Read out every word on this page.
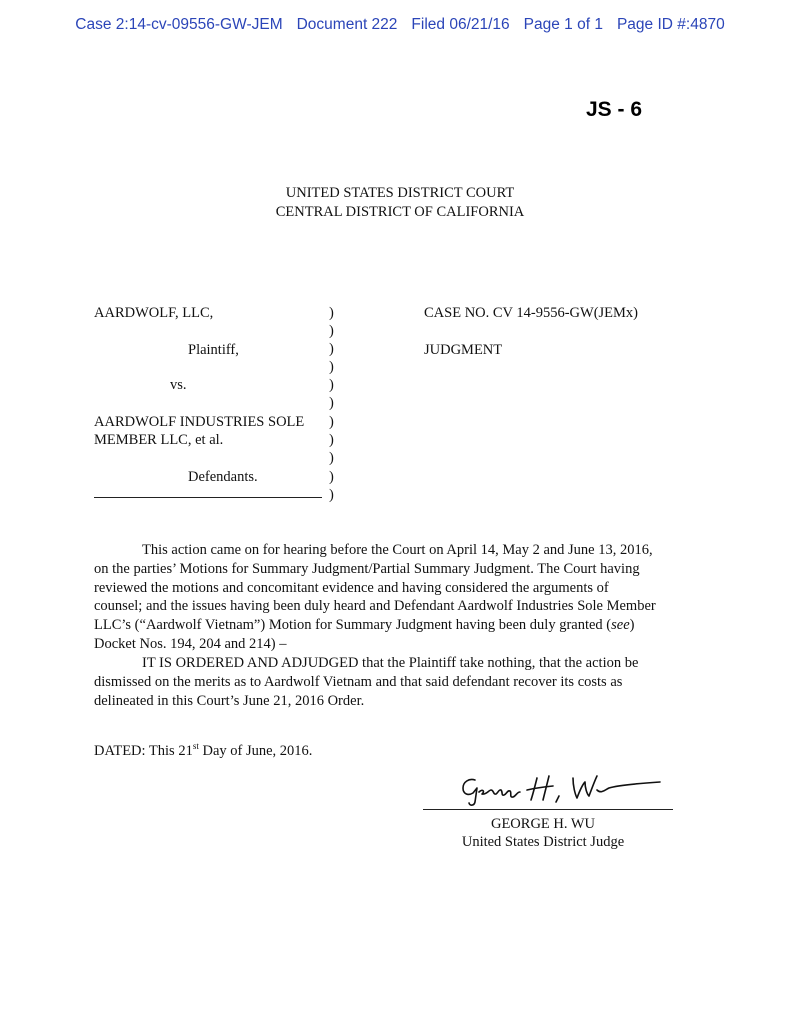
Case 2:14-cv-09556-GW-JEM Document 222 Filed 06/21/16 Page 1 of 1 Page ID #:4870
JS - 6
UNITED STATES DISTRICT COURT
CENTRAL DISTRICT OF CALIFORNIA
AARDWOLF, LLC,
Plaintiff,
vs.
AARDWOLF INDUSTRIES SOLE
MEMBER LLC, et al.
Defendants.
)
)
)
)
)
)
)
)
)
)
)
CASE NO. CV 14-9556-GW(JEMx)
JUDGMENT
This action came on for hearing before the Court on April 14, May 2 and June 13, 2016,
on the parties’ Motions for Summary Judgment/Partial Summary Judgment. The Court having
reviewed the motions and concomitant evidence and having considered the arguments of
counsel; and the issues having been duly heard and Defendant Aardwolf Industries Sole Member
LLC’s (“Aardwolf Vietnam”) Motion for Summary Judgment having been duly granted (see)
Docket Nos. 194, 204 and 214) –
IT IS ORDERED AND ADJUDGED that the Plaintiff take nothing, that the action be
dismissed on the merits as to Aardwolf Vietnam and that said defendant recover its costs as
delineated in this Court’s June 21, 2016 Order.
DATED: This 21st Day of June, 2016.
GEORGE H. WU
United States District Judge
